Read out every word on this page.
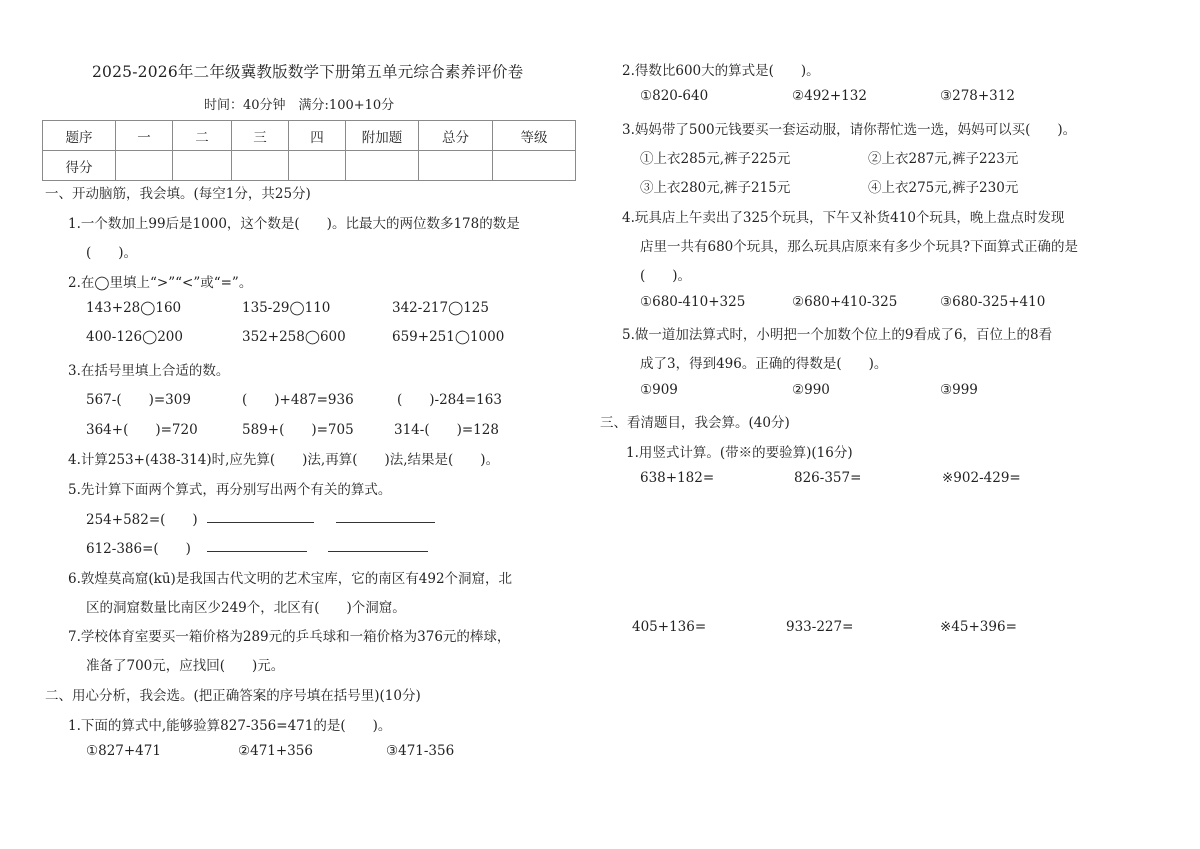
2025-2026年二年级冀教版数学下册第五单元综合素养评价卷
时间：40分钟　满分:100+10分
题序	一	二	三	四	附加题	总分	等级
得分							
一、开动脑筋，我会填。(每空1分，共25分)
1.一个数加上99后是1000，这个数是(　　)。比最大的两位数多178的数是
(　　)。
2.在◯里填上“>”“<”或“=”。
143+28◯160	135-29◯110	342-217◯125
400-126◯200	352+258◯600	659+251◯1000
3.在括号里填上合适的数。
567-(　　)=309	(　　)+487=936	(　　)-284=163
364+(　　)=720	589+(　　)=705	314-(　　)=128
4.计算253+(438-314)时,应先算(　　)法,再算(　　)法,结果是(　　)。
5.先计算下面两个算式，再分别写出两个有关的算式。
254+582=(　　)
612-386=(　　)
6.敦煌莫高窟(kū)是我国古代文明的艺术宝库，它的南区有492个洞窟，北
区的洞窟数量比南区少249个，北区有(　　)个洞窟。
7.学校体育室要买一箱价格为289元的乒乓球和一箱价格为376元的棒球，
准备了700元，应找回(　　)元。
二、用心分析，我会选。(把正确答案的序号填在括号里)(10分)
1.下面的算式中,能够验算827-356=471的是(　　)。
①827+471	②471+356	③471-356
2.得数比600大的算式是(　　)。
①820-640	②492+132	③278+312
3.妈妈带了500元钱要买一套运动服，请你帮忙选一选，妈妈可以买(　　)。
①上衣285元,裤子225元	②上衣287元,裤子223元
③上衣280元,裤子215元	④上衣275元,裤子230元
4.玩具店上午卖出了325个玩具，下午又补货410个玩具，晚上盘点时发现
店里一共有680个玩具，那么玩具店原来有多少个玩具?下面算式正确的是
(　　)。
①680-410+325	②680+410-325	③680-325+410
5.做一道加法算式时，小明把一个加数个位上的9看成了6，百位上的8看
成了3，得到496。正确的得数是(　　)。
①909	②990	③999
三、看清题目，我会算。(40分)
1.用竖式计算。(带※的要验算)(16分)
638+182=	826-357=	※902-429=
405+136=	933-227=	※45+396=
